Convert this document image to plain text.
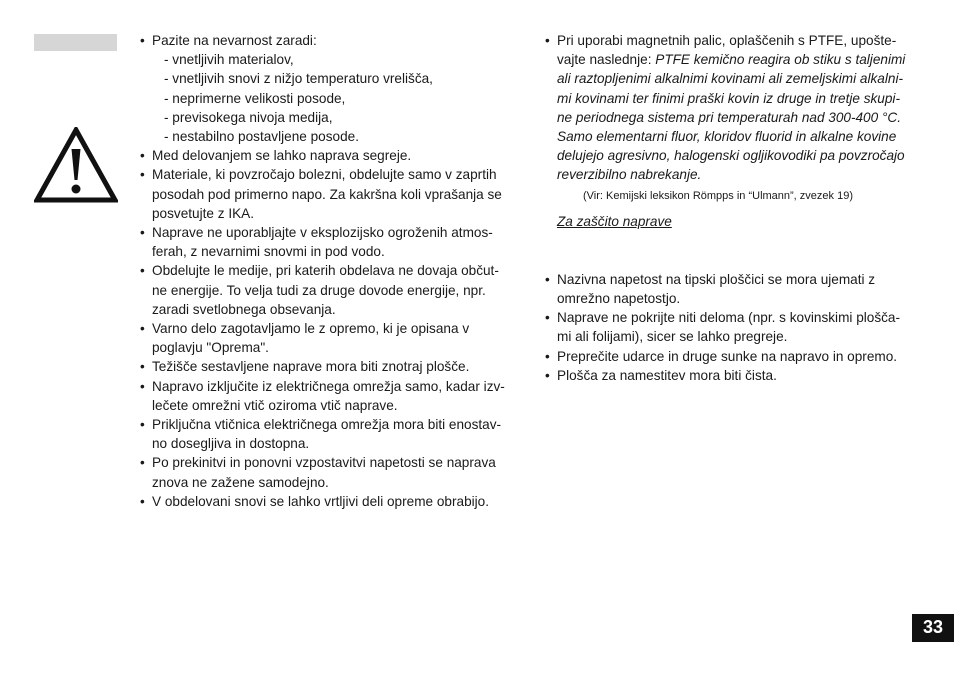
• Pazite na nevarnost zaradi:
- vnetljivih materialov,
- vnetljivih snovi z nižjo temperaturo vrelišča,
- neprimerne velikosti posode,
- previsokega nivoja medija,
- nestabilno postavljene posode.
• Med delovanjem se lahko naprava segreje.
• Materiale, ki povzročajo bolezni, obdelujte samo v zaprtih
posodah pod primerno napo. Za kakršna koli vprašanja se
posvetujte z IKA.
• Naprave ne uporabljajte v eksplozijsko ogroženih atmos-
ferah, z nevarnimi snovmi in pod vodo.
• Obdelujte le medije, pri katerih obdelava ne dovaja občut-
ne energije. To velja tudi za druge dovode energije, npr.
zaradi svetlobnega obsevanja.
• Varno delo zagotavljamo le z opremo, ki je opisana v
poglavju "Oprema".
• Težišče sestavljene naprave mora biti znotraj plošče.
• Napravo izključite iz električnega omrežja samo, kadar izv-
lečete omrežni vtič oziroma vtič naprave.
• Priključna vtičnica električnega omrežja mora biti enostav-
no dosegljiva in dostopna.
• Po prekinitvi in ponovni vzpostavitvi napetosti se naprava
znova ne zažene samodejno.
• V obdelovani snovi se lahko vrtljivi deli opreme obrabijo.
• Pri uporabi magnetnih palic, oplaščenih s PTFE, upošte-
vajte naslednje: PTFE kemično reagira ob stiku s taljenimi
ali raztopljenimi alkalnimi kovinami ali zemeljskimi alkalni-
mi kovinami ter finimi praški kovin iz druge in tretje skupi-
ne periodnega sistema pri temperaturah nad 300-400 °C.
Samo elementarni fluor, kloridov fluorid in alkalne kovine
delujejo agresivno, halogenski ogljikovodiki pa povzročajo
reverzibilno nabrekanje.
(Vir: Kemijski leksikon Römpps in “Ulmann”, zvezek 19)
Za zaščito naprave
• Nazivna napetost na tipski ploščici se mora ujemati z
omrežno napetostjo.
• Naprave ne pokrijte niti deloma (npr. s kovinskimi plošča-
mi ali folijami), sicer se lahko pregreje.
• Preprečite udarce in druge sunke na napravo in opremo.
• Plošča za namestitev mora biti čista.
33
